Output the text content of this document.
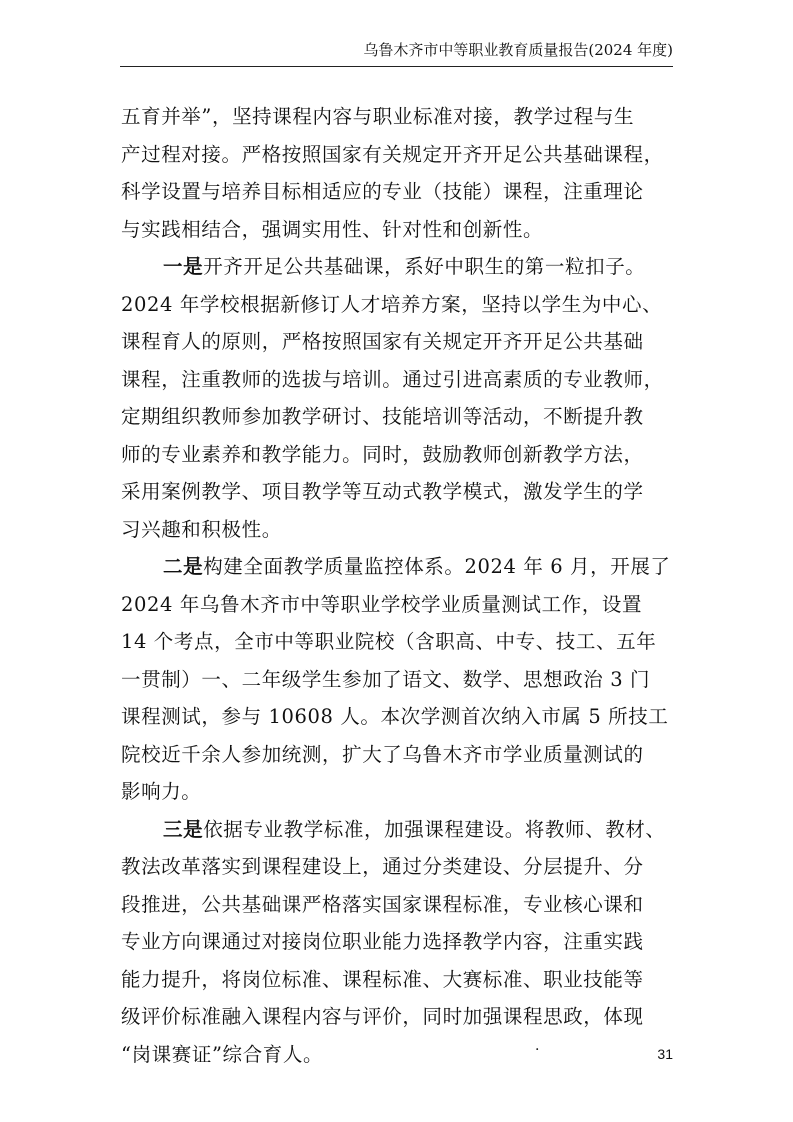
乌鲁木齐市中等职业教育质量报告(2024 年度)
五育并举”，坚持课程内容与职业标准对接，教学过程与生
产过程对接。严格按照国家有关规定开齐开足公共基础课程，
科学设置与培养目标相适应的专业（技能）课程，注重理论
与实践相结合，强调实用性、针对性和创新性。
一是开齐开足公共基础课，系好中职生的第一粒扣子。
2024 年学校根据新修订人才培养方案，坚持以学生为中心、
课程育人的原则，严格按照国家有关规定开齐开足公共基础
课程，注重教师的选拔与培训。通过引进高素质的专业教师，
定期组织教师参加教学研讨、技能培训等活动，不断提升教
师的专业素养和教学能力。同时，鼓励教师创新教学方法，
采用案例教学、项目教学等互动式教学模式，激发学生的学
习兴趣和积极性。
二是构建全面教学质量监控体系。2024 年 6 月，开展了
2024 年乌鲁木齐市中等职业学校学业质量测试工作，设置
14 个考点，全市中等职业院校（含职高、中专、技工、五年
一贯制）一、二年级学生参加了语文、数学、思想政治 3 门
课程测试，参与 10608 人。本次学测首次纳入市属 5 所技工
院校近千余人参加统测，扩大了乌鲁木齐市学业质量测试的
影响力。
三是依据专业教学标准，加强课程建设。将教师、教材、
教法改革落实到课程建设上，通过分类建设、分层提升、分
段推进，公共基础课严格落实国家课程标准，专业核心课和
专业方向课通过对接岗位职业能力选择教学内容，注重实践
能力提升，将岗位标准、课程标准、大赛标准、职业技能等
级评价标准融入课程内容与评价，同时加强课程思政，体现
“岗课赛证”综合育人。	·	31
